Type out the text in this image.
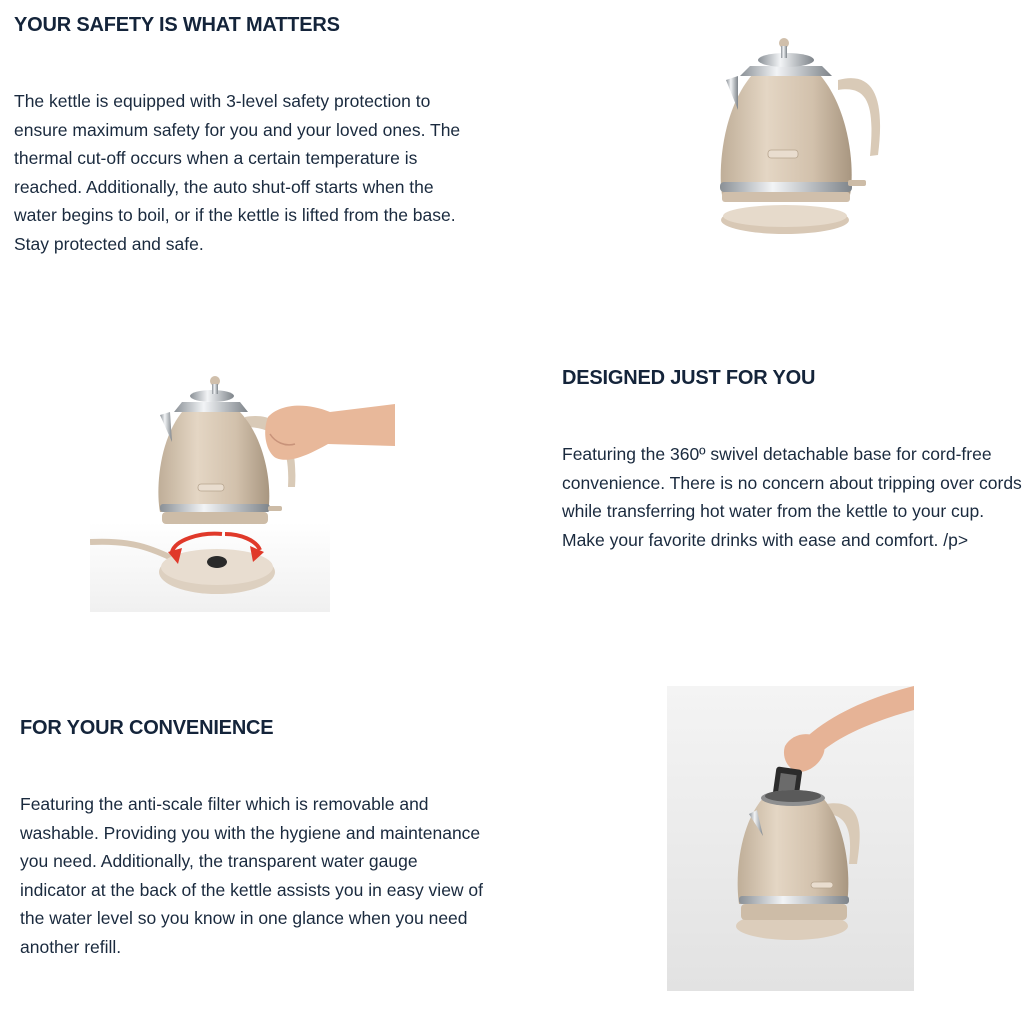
YOUR SAFETY IS WHAT MATTERS

The kettle is equipped with 3-level safety protection to ensure maximum safety for you and your loved ones. The thermal cut-off occurs when a certain temperature is reached. Additionally, the auto shut-off starts when the water begins to boil, or if the kettle is lifted from the base. Stay protected and safe.

DESIGNED JUST FOR YOU

Featuring the 360º swivel detachable base for cord-free convenience. There is no concern about tripping over cords while transferring hot water from the kettle to your cup. Make your favorite drinks with ease and comfort. /p>

FOR YOUR CONVENIENCE

Featuring the anti-scale filter which is removable and washable. Providing you with the hygiene and maintenance you need. Additionally, the transparent water gauge indicator at the back of the kettle assists you in easy view of the water level so you know in one glance when you need another refill.
